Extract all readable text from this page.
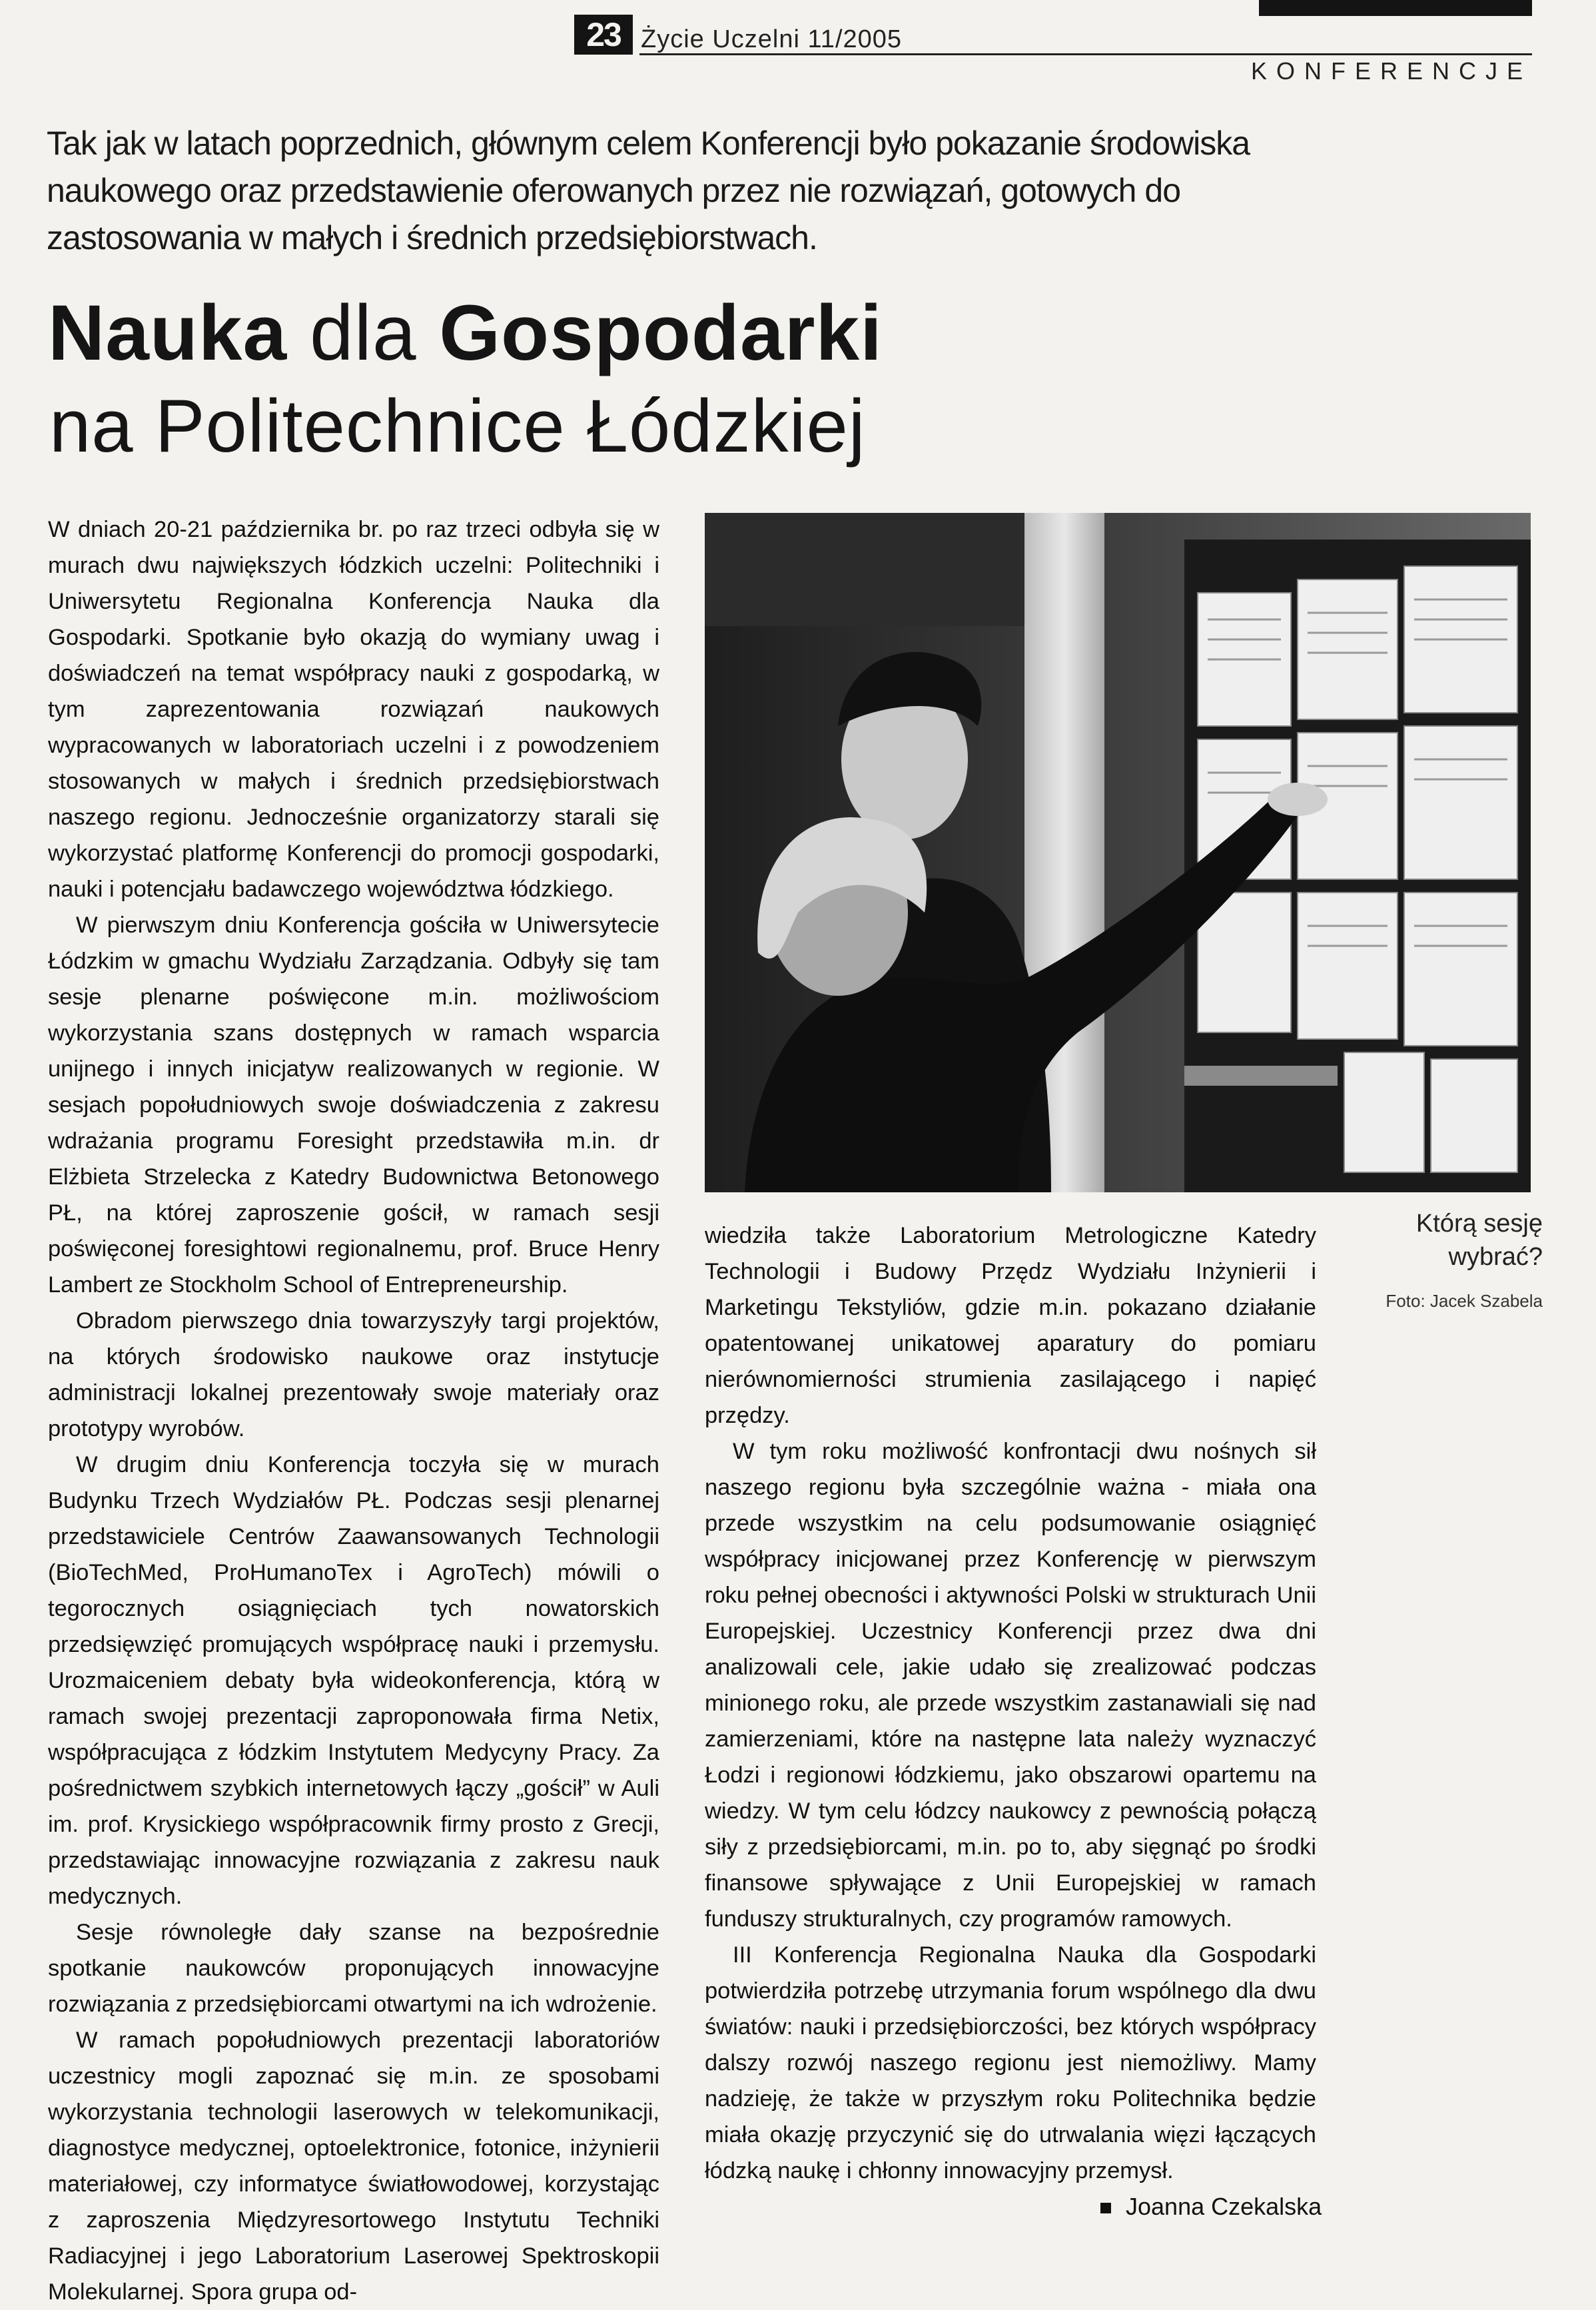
23 Życie Uczelni 11/2005
KONFERENCJE
Tak jak w latach poprzednich, głównym celem Konferencji było pokazanie środowiska naukowego oraz przedstawienie oferowanych przez nie rozwiązań, gotowych do zastosowania w małych i średnich przedsiębiorstwach.
Nauka dla Gospodarki
na Politechnice Łódzkiej
Którą sesję wybrać?
Foto: Jacek Szabela

W dniach 20-21 października br. po raz trzeci odbyła się w murach dwu największych łódzkich uczelni: Politechniki i Uniwersytetu Regionalna Konferencja Nauka dla Gospodarki. Spotkanie było okazją do wymiany uwag i doświadczeń na temat współpracy nauki z gospodarką, w tym zaprezentowania rozwiązań naukowych wypracowanych w laboratoriach uczelni i z powodzeniem stosowanych w małych i średnich przedsiębiorstwach naszego regionu. Jednocześnie organizatorzy starali się wykorzystać platformę Konferencji do promocji gospodarki, nauki i potencjału badawczego województwa łódzkiego.

W pierwszym dniu Konferencja gościła w Uniwersytecie Łódzkim w gmachu Wydziału Zarządzania. Odbyły się tam sesje plenarne poświęcone m.in. możliwościom wykorzystania szans dostępnych w ramach wsparcia unijnego i innych inicjatyw realizowanych w regionie. W sesjach popołudniowych swoje doświadczenia z zakresu wdrażania programu Foresight przedstawiła m.in. dr Elżbieta Strzelecka z Katedry Budownictwa Betonowego PŁ, na której zaproszenie gościł, w ramach sesji poświęconej foresightowi regionalnemu, prof. Bruce Henry Lambert ze Stockholm School of Entrepreneurship.

Obradom pierwszego dnia towarzyszyły targi projektów, na których środowisko naukowe oraz instytucje administracji lokalnej prezentowały swoje materiały oraz prototypy wyrobów.

W drugim dniu Konferencja toczyła się w murach Budynku Trzech Wydziałów PŁ. Podczas sesji plenarnej przedstawiciele Centrów Zaawansowanych Technologii (BioTechMed, ProHumanoTex i AgroTech) mówili o tegorocznych osiągnięciach tych nowatorskich przedsięwzięć promujących współpracę nauki i przemysłu. Urozmaiceniem debaty była wideokonferencja, którą w ramach swojej prezentacji zaproponowała firma Netix, współpracująca z łódzkim Instytutem Medycyny Pracy. Za pośrednictwem szybkich internetowych łączy „gościł” w Auli im. prof. Krysickiego współpracownik firmy prosto z Grecji, przedstawiając innowacyjne rozwiązania z zakresu nauk medycznych.

Sesje równoległe dały szanse na bezpośrednie spotkanie naukowców proponujących innowacyjne rozwiązania z przedsiębiorcami otwartymi na ich wdrożenie.

W ramach popołudniowych prezentacji laboratoriów uczestnicy mogli zapoznać się m.in. ze sposobami wykorzystania technologii laserowych w telekomunikacji, diagnostyce medycznej, optoelektronice, fotonice, inżynierii materiałowej, czy informatyce światłowodowej, korzystając z zaproszenia Międzyresortowego Instytutu Techniki Radiacyjnej i jego Laboratorium Laserowej Spektroskopii Molekularnej. Spora grupa od-

wiedziła także Laboratorium Metrologiczne Katedry Technologii i Budowy Przędz Wydziału Inżynierii i Marketingu Tekstyliów, gdzie m.in. pokazano działanie opatentowanej unikatowej aparatury do pomiaru nierównomierności strumienia zasilającego i napięć przędzy.

W tym roku możliwość konfrontacji dwu nośnych sił naszego regionu była szczególnie ważna - miała ona przede wszystkim na celu podsumowanie osiągnięć współpracy inicjowanej przez Konferencję w pierwszym roku pełnej obecności i aktywności Polski w strukturach Unii Europejskiej. Uczestnicy Konferencji przez dwa dni analizowali cele, jakie udało się zrealizować podczas minionego roku, ale przede wszystkim zastanawiali się nad zamierzeniami, które na następne lata należy wyznaczyć Łodzi i regionowi łódzkiemu, jako obszarowi opartemu na wiedzy. W tym celu łódzcy naukowcy z pewnością połączą siły z przedsiębiorcami, m.in. po to, aby sięgnąć po środki finansowe spływające z Unii Europejskiej w ramach funduszy strukturalnych, czy programów ramowych.

III Konferencja Regionalna Nauka dla Gospodarki potwierdziła potrzebę utrzymania forum wspólnego dla dwu światów: nauki i przedsiębiorczości, bez których współpracy dalszy rozwój naszego regionu jest niemożliwy. Mamy nadzieję, że także w przyszłym roku Politechnika będzie miała okazję przyczynić się do utrwalania więzi łączących łódzką naukę i chłonny innowacyjny przemysł.

Joanna Czekalska
